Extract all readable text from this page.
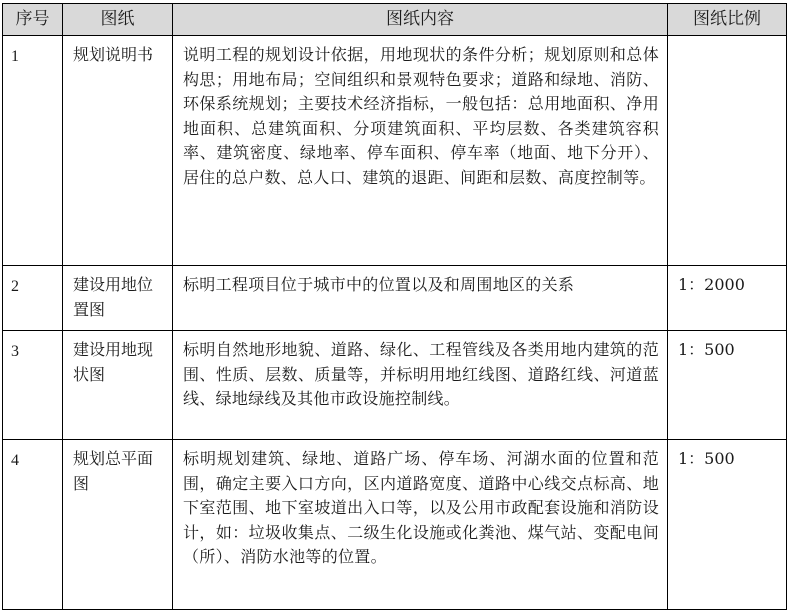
序号	图纸	图纸内容	图纸比例
1	规划说明书	说明工程的规划设计依据，用地现状的条件分析；规划原则和总体构思；用地布局；空间组织和景观特色要求；道路和绿地、消防、环保系统规划；主要技术经济指标，一般包括：总用地面积、净用地面积、总建筑面积、分项建筑面积、平均层数、各类建筑容积率、建筑密度、绿地率、停车面积、停车率（地面、地下分开）、居住的总户数、总人口、建筑的退距、间距和层数、高度控制等。	
2	建设用地位置图	标明工程项目位于城市中的位置以及和周围地区的关系	1：2000
3	建设用地现状图	标明自然地形地貌、道路、绿化、工程管线及各类用地内建筑的范围、性质、层数、质量等，并标明用地红线图、道路红线、河道蓝线、绿地绿线及其他市政设施控制线。	1：500
4	规划总平面图	标明规划建筑、绿地、道路广场、停车场、河湖水面的位置和范围，确定主要入口方向，区内道路宽度、道路中心线交点标高、地下室范围、地下室坡道出入口等，以及公用市政配套设施和消防设计，如：垃圾收集点、二级生化设施或化粪池、煤气站、变配电间（所）、消防水池等的位置。	1：500
